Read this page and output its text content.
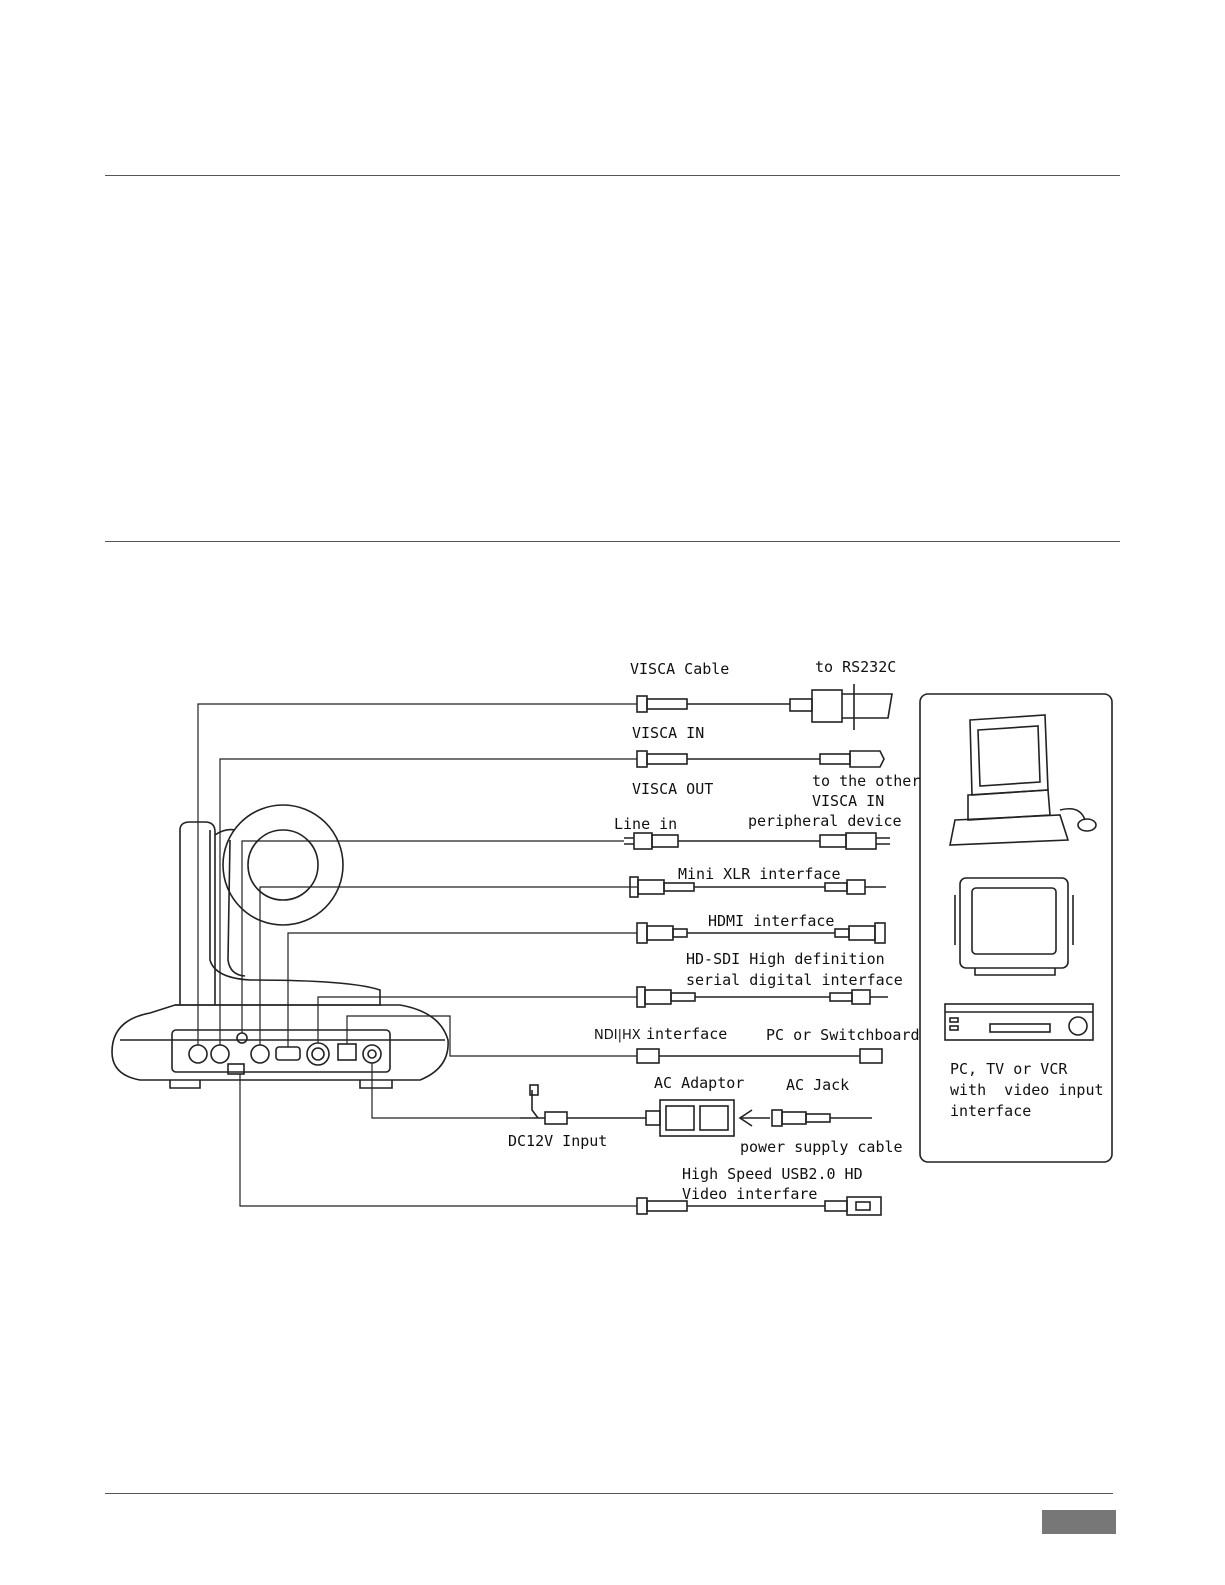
VISCA Cable	to RS232C
VISCA IN
VISCA OUT	to the other
VISCA IN
peripheral device
Line in
Mini XLR interface
HDMI interface
HD-SDI High definition
serial digital interface
NDI|HX interface	PC or Switchboard
AC Adaptor	AC Jack
DC12V Input	power supply cable
High Speed USB2.0 HD
Video interfare
PC, TV or VCR
with  video input
interface
